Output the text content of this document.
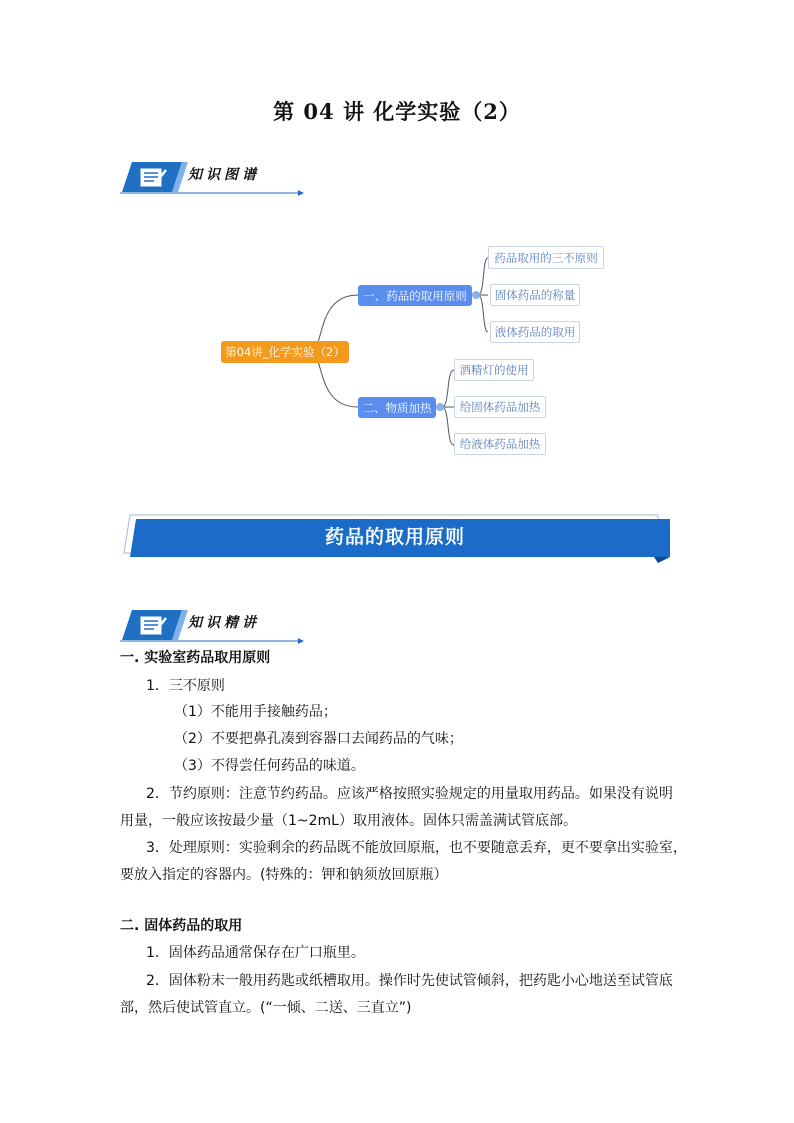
第 04 讲 化学实验（2）
知识图谱
第04讲_化学实验（2）
一、药品的取用原则
药品取用的三不原则
固体药品的称量
液体药品的取用
二、物质加热
酒精灯的使用
给固体药品加热
给液体药品加热
药品的取用原则
知识精讲
一. 实验室药品取用原则
1．三不原则
（1）不能用手接触药品；
（2）不要把鼻孔凑到容器口去闻药品的气味；
（3）不得尝任何药品的味道。
2．节约原则：注意节约药品。应该严格按照实验规定的用量取用药品。如果没有说明
用量，一般应该按最少量（1~2mL）取用液体。固体只需盖满试管底部。
3．处理原则：实验剩余的药品既不能放回原瓶，也不要随意丢弃，更不要拿出实验室，
要放入指定的容器内。(特殊的：钾和钠须放回原瓶）
二. 固体药品的取用
1．固体药品通常保存在广口瓶里。
2．固体粉末一般用药匙或纸槽取用。操作时先使试管倾斜，把药匙小心地送至试管底
部，然后使试管直立。(“一倾、二送、三直立”)
